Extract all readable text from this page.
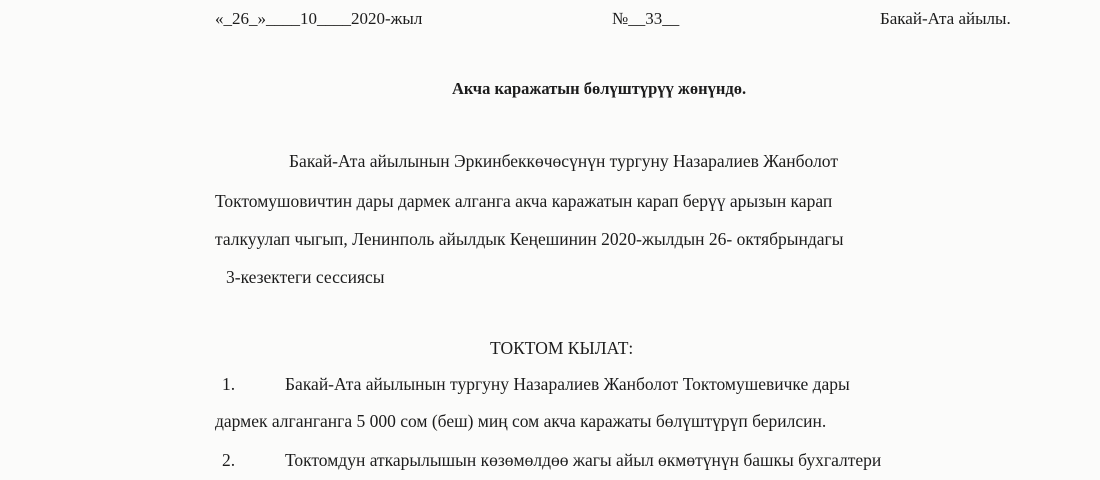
«_26_»____10____2020-жыл	№__33__	Бакай-Ата айылы.
Акча каражатын бөлүштүрүү жөнүндө.
Бакай-Ата айылынын Эркинбеккөчөсүнүн тургуну Назаралиев Жанболот
Токтомушовичтин дары дармек алганга акча каражатын карап берүү арызын карап
талкуулап чыгып, Ленинполь айылдык Кеңешинин 2020-жылдын 26- октябрындагы
3-кезектеги сессиясы
ТОКТОМ КЫЛАТ:
1.	Бакай-Ата айылынын тургуну Назаралиев Жанболот Токтомушевичке дары
дармек алганганга 5 000 сом (беш) миң сом акча каражаты бөлүштүрүп берилсин.
2.	Токтомдун аткарылышын көзөмөлдөө жагы айыл өкмөтүнүн башкы бухгалтери
